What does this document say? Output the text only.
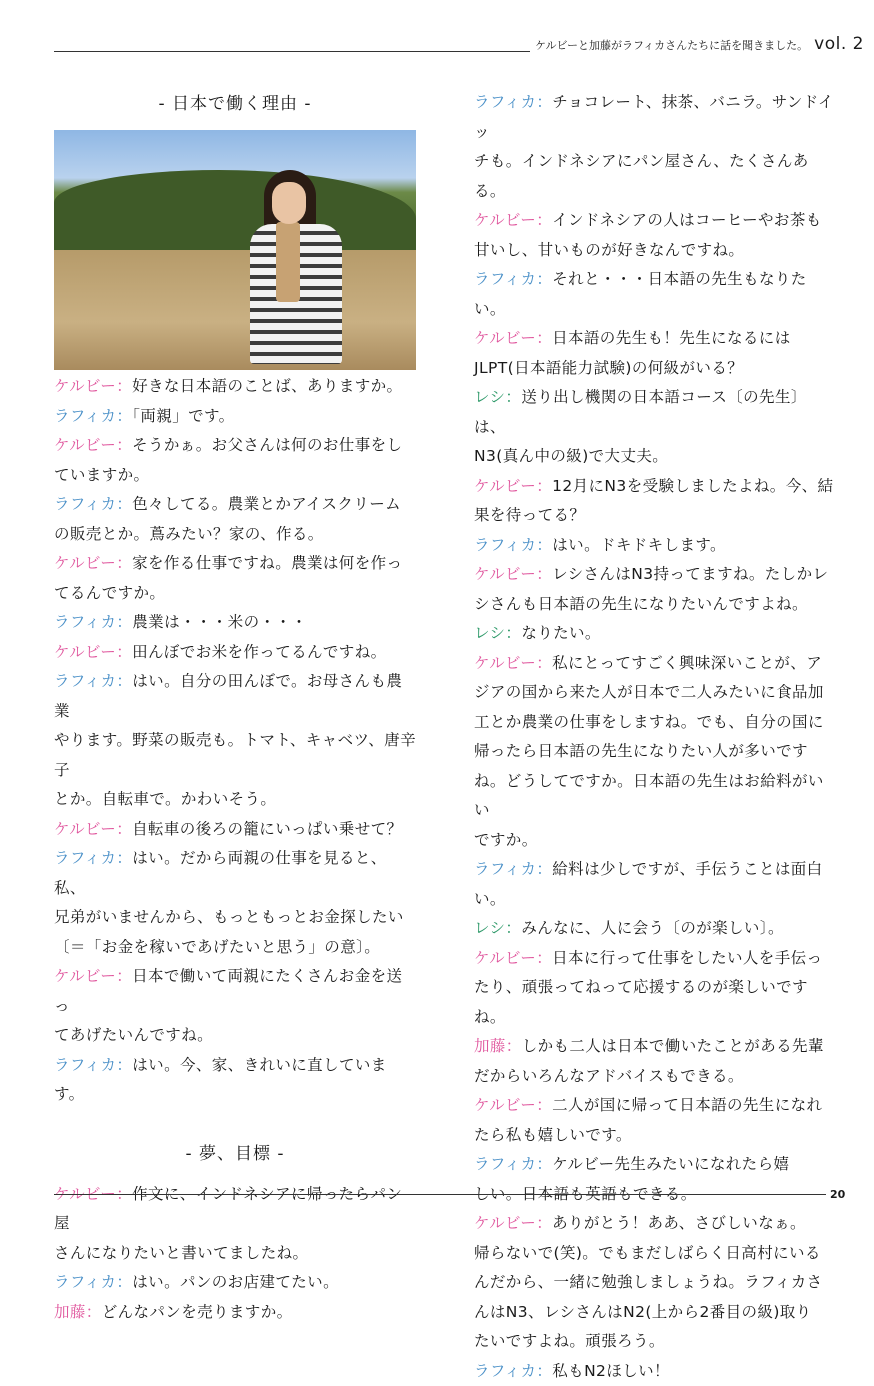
ケルビーと加藤がラフィカさんたちに話を聞きました。 vol. 2
- 日本で働く理由 -

ケルビー：好きな日本語のことば、ありますか。

ラフィカ：「両親」です。

ケルビー：そうかぁ。お父さんは何のお仕事をし

ていますか。

ラフィカ：色々してる。農業とかアイスクリーム

の販売とか。蔦みたい？家の、作る。

ケルビー：家を作る仕事ですね。農業は何を作っ

てるんですか。

ラフィカ：農業は・・・米の・・・

ケルビー：田んぼでお米を作ってるんですね。

ラフィカ：はい。自分の田んぼで。お母さんも農業

やります。野菜の販売も。トマト、キャベツ、唐辛子

とか。自転車で。かわいそう。

ケルビー：自転車の後ろの籠にいっぱい乗せて？

ラフィカ：はい。だから両親の仕事を見ると、私、

兄弟がいませんから、もっともっとお金探したい

〔＝「お金を稼いであげたいと思う」の意〕。

ケルビー：日本で働いて両親にたくさんお金を送っ

てあげたいんですね。

ラフィカ：はい。今、家、きれいに直しています。

- 夢、目標 -

ケルビー：作文に、インドネシアに帰ったらパン屋

さんになりたいと書いてましたね。

ラフィカ：はい。パンのお店建てたい。

加藤：どんなパンを売りますか。

ラフィカ：チョコレート、抹茶、バニラ。サンドイッ

チも。インドネシアにパン屋さん、たくさんある。

ケルビー：インドネシアの人はコーヒーやお茶も

甘いし、甘いものが好きなんですね。

ラフィカ：それと・・・日本語の先生もなりたい。

ケルビー：日本語の先生も！先生になるには

JLPT(日本語能力試験)の何級がいる？

レシ：送り出し機関の日本語コース〔の先生〕は、

N3(真ん中の級)で大丈夫。

ケルビー：12月にN3を受験しましたよね。今、結

果を待ってる？

ラフィカ：はい。ドキドキします。

ケルビー：レシさんはN3持ってますね。たしかレ

シさんも日本語の先生になりたいんですよね。

レシ：なりたい。

ケルビー：私にとってすごく興味深いことが、ア

ジアの国から来た人が日本で二人みたいに食品加

工とか農業の仕事をしますね。でも、自分の国に

帰ったら日本語の先生になりたい人が多いです

ね。どうしてですか。日本語の先生はお給料がいい

ですか。

ラフィカ：給料は少しですが、手伝うことは面白い。

レシ：みんなに、人に会う〔のが楽しい〕。

ケルビー：日本に行って仕事をしたい人を手伝っ

たり、頑張ってねって応援するのが楽しいですね。

加藤：しかも二人は日本で働いたことがある先輩

だからいろんなアドバイスもできる。

ケルビー：二人が国に帰って日本語の先生になれ

たら私も嬉しいです。

ラフィカ：ケルビー先生みたいになれたら嬉

しい。日本語も英語もできる。

ケルビー：ありがとう！ああ、さびしいなぁ。

帰らないで(笑)。でもまだしばらく日高村にいる

んだから、一緒に勉強しましょうね。ラフィカさ

んはN3、レシさんはN2(上から2番目の級)取り

たいですよね。頑張ろう。

ラフィカ：私もN2ほしい！

20
